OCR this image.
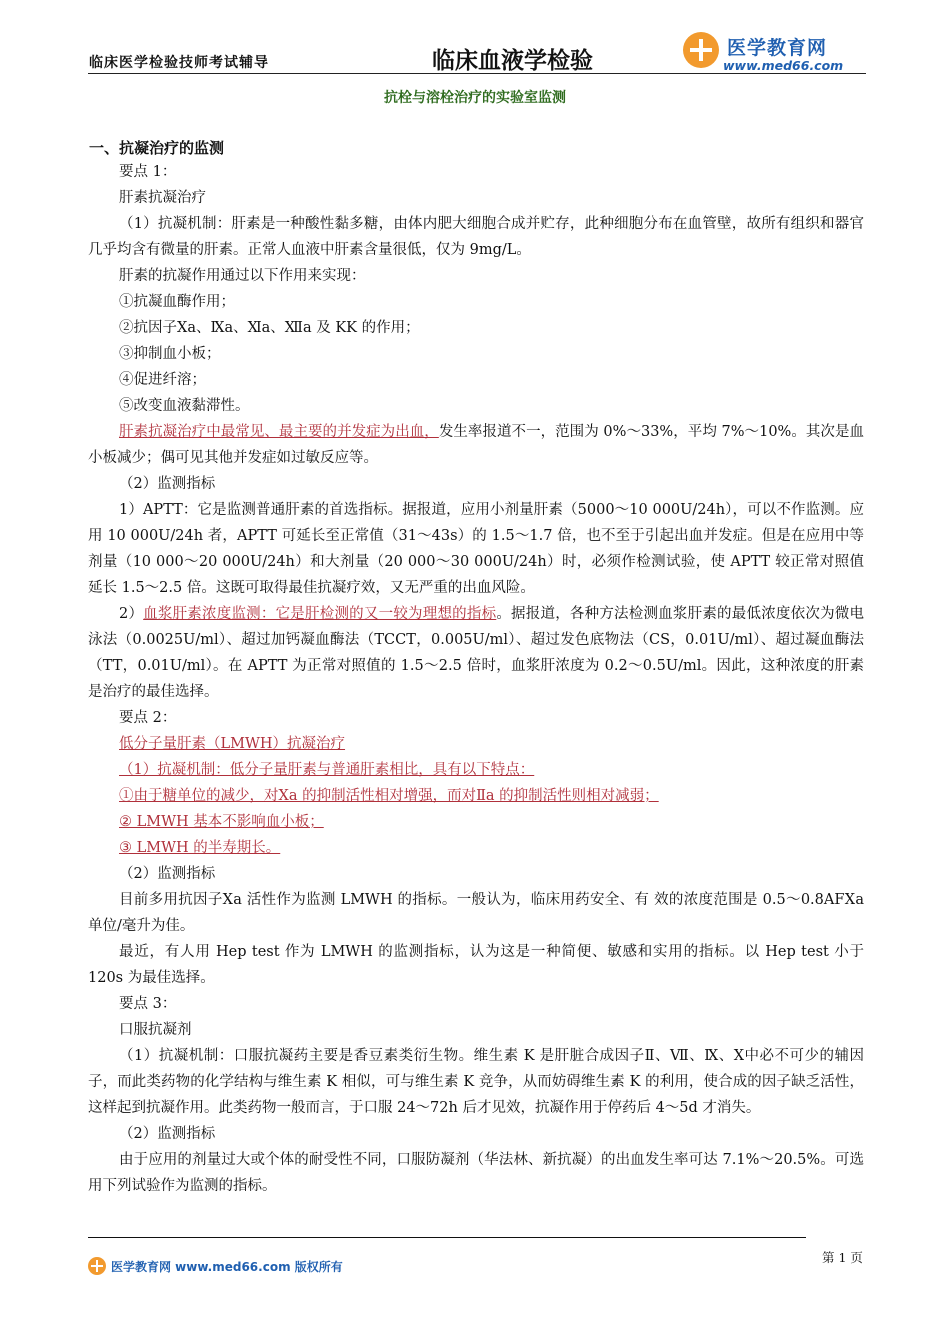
临床医学检验技师考试辅导	临床血液学检验	医学教育网
www.med66.com
抗栓与溶栓治疗的实验室监测
一、抗凝治疗的监测

要点 1：

肝素抗凝治疗

（1）抗凝机制：肝素是一种酸性黏多糖，由体内肥大细胞合成并贮存，此种细胞分布在血管壁，故所有组织和器官几乎均含有微量的肝素。正常人血液中肝素含量很低，仅为 9mg/L。

肝素的抗凝作用通过以下作用来实现：

①抗凝血酶作用；

②抗因子Ⅹa、Ⅸa、Ⅺa、Ⅻa 及 KK 的作用；

③抑制血小板；

④促进纤溶；

⑤改变血液黏滞性。

肝素抗凝治疗中最常见、最主要的并发症为出血，发生率报道不一，范围为 0%～33%，平均 7%～10%。其次是血小板减少；偶可见其他并发症如过敏反应等。

（2）监测指标

1）APTT：它是监测普通肝素的首选指标。据报道，应用小剂量肝素（5000～10 000U/24h），可以不作监测。应用 10 000U/24h 者，APTT 可延长至正常值（31～43s）的 1.5～1.7 倍，也不至于引起出血并发症。但是在应用中等剂量（10 000～20 000U/24h）和大剂量（20 000～30 000U/24h）时，必须作检测试验，使 APTT 较正常对照值延长 1.5～2.5 倍。这既可取得最佳抗凝疗效，又无严重的出血风险。

2）血浆肝素浓度监测：它是肝检测的又一较为理想的指标。据报道，各种方法检测血浆肝素的最低浓度依次为微电泳法（0.0025U/ml）、超过加钙凝血酶法（TCCT，0.005U/ml）、超过发色底物法（CS，0.01U/ml）、超过凝血酶法（TT，0.01U/ml）。在 APTT 为正常对照值的 1.5～2.5 倍时，血浆肝浓度为 0.2～0.5U/ml。因此，这种浓度的肝素是治疗的最佳选择。

要点 2：

低分子量肝素（LMWH）抗凝治疗

（1）抗凝机制：低分子量肝素与普通肝素相比，具有以下特点：

①由于糖单位的减少，对Ⅹa 的抑制活性相对增强，而对Ⅱa 的抑制活性则相对减弱；

② LMWH 基本不影响血小板；

③ LMWH 的半寿期长。

（2）监测指标

目前多用抗因子Ⅹa 活性作为监测 LMWH 的指标。一般认为，临床用药安全、有 效的浓度范围是 0.5～0.8AFⅩa 单位/毫升为佳。

最近，有人用 Hep test 作为 LMWH 的监测指标，认为这是一种简便、敏感和实用的指标。以 Hep test 小于 120s 为最佳选择。

要点 3：

口服抗凝剂

（1）抗凝机制：口服抗凝药主要是香豆素类衍生物。维生素 K 是肝脏合成因子Ⅱ、Ⅶ、Ⅸ、Ⅹ中必不可少的辅因子，而此类药物的化学结构与维生素 K 相似，可与维生素 K 竞争，从而妨碍维生素 K 的利用，使合成的因子缺乏活性，这样起到抗凝作用。此类药物一般而言，于口服 24～72h 后才见效，抗凝作用于停药后 4～5d 才消失。

（2）监测指标

由于应用的剂量过大或个体的耐受性不同，口服防凝剂（华法林、新抗凝）的出血发生率可达 7.1%～20.5%。可选用下列试验作为监测的指标。

医学教育网 www.med66.com 版权所有
第 1 页
